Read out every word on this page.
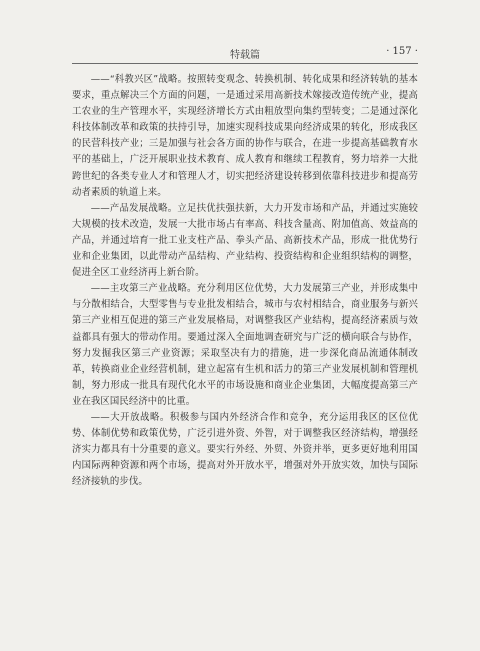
特载篇	· 157 ·

——“科教兴区”战略。按照转变观念、转换机制、转化成果和经济转轨的基本要求，重点解决三个方面的问题，一是通过采用高新技术嫁接改造传统产业，提高工农业的生产管理水平，实现经济增长方式由粗放型向集约型转变；二是通过深化科技体制改革和政策的扶持引导，加速实现科技成果向经济成果的转化，形成我区的民营科技产业；三是加强与社会各方面的协作与联合，在进一步提高基础教育水平的基础上，广泛开展职业技术教育、成人教育和继续工程教育，努力培养一大批跨世纪的各类专业人才和管理人才，切实把经济建设转移到依靠科技进步和提高劳动者素质的轨道上来。

——产品发展战略。立足扶优扶强扶新，大力开发市场和产品，并通过实施较大规模的技术改造，发展一大批市场占有率高、科技含量高、附加值高、效益高的产品，并通过培育一批工业支柱产品、拳头产品、高新技术产品，形成一批优势行业和企业集团，以此带动产品结构、产业结构、投资结构和企业组织结构的调整，促进全区工业经济再上新台阶。

——主攻第三产业战略。充分利用区位优势，大力发展第三产业，并形成集中与分散相结合，大型零售与专业批发相结合，城市与农村相结合，商业服务与新兴第三产业相互促进的第三产业发展格局，对调整我区产业结构，提高经济素质与效益都具有强大的带动作用。要通过深入全面地调查研究与广泛的横向联合与协作，努力发掘我区第三产业资源；采取坚决有力的措施，进一步深化商品流通体制改革，转换商业企业经营机制，建立起富有生机和活力的第三产业发展机制和管理机制，努力形成一批具有现代化水平的市场设施和商业企业集团，大幅度提高第三产业在我区国民经济中的比重。

——大开放战略。积极参与国内外经济合作和竞争，充分运用我区的区位优势、体制优势和政策优势，广泛引进外资、外智，对于调整我区经济结构，增强经济实力都具有十分重要的意义。要实行外经、外贸、外资并举，更多更好地利用国内国际两种资源和两个市场，提高对外开放水平，增强对外开放实效，加快与国际经济接轨的步伐。
